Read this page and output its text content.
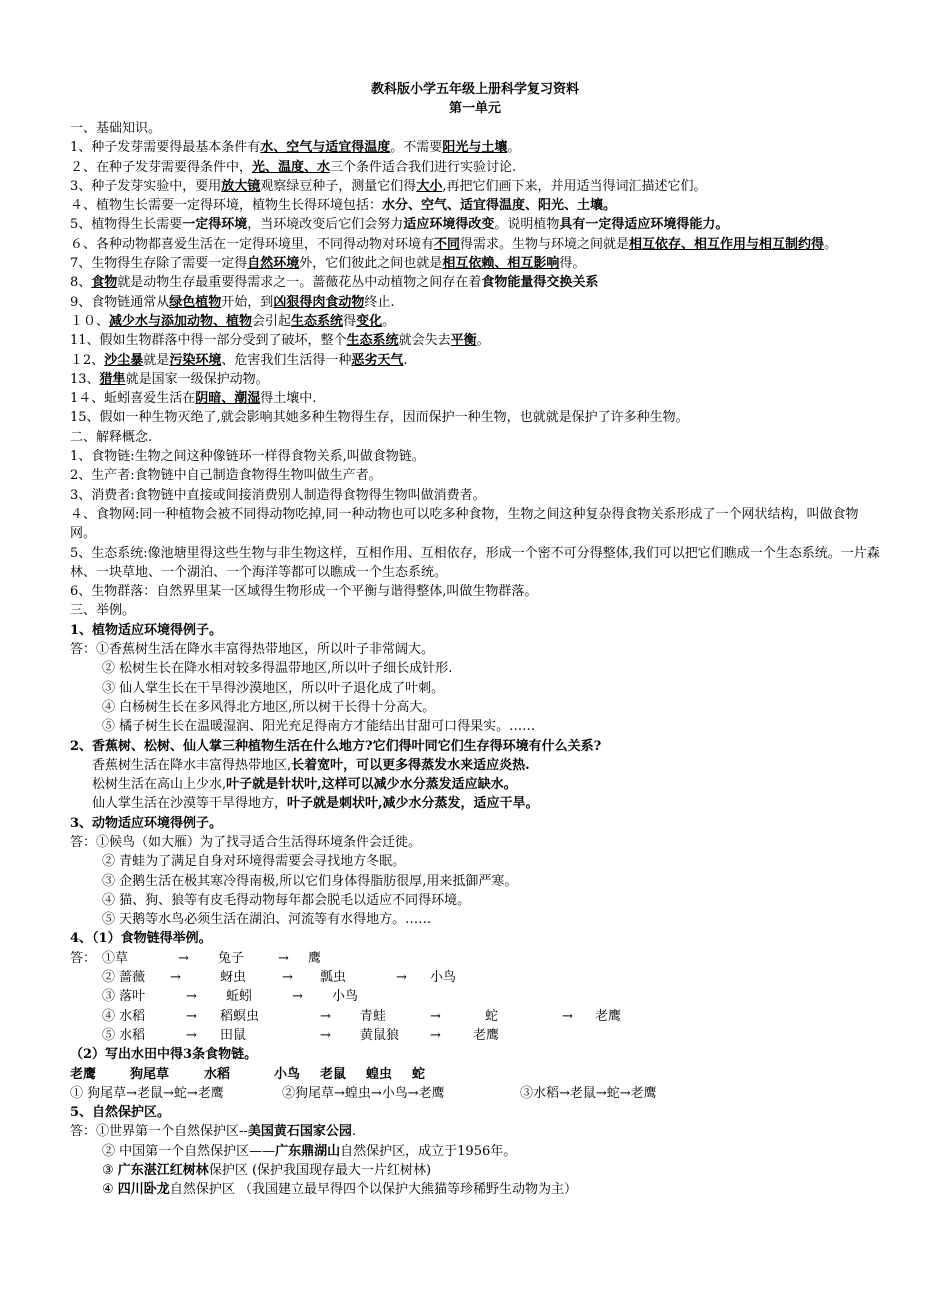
教科版小学五年级上册科学复习资料
第一单元
一、基础知识。
1、种子发芽需要得最基本条件有水、空气与适宜得温度。不需要阳光与土壤。
２、在种子发芽需要得条件中，光、温度、水三个条件适合我们进行实验讨论.
3、种子发芽实验中，要用放大镜观察绿豆种子，测量它们得大小,再把它们画下来，并用适当得词汇描述它们。
４、植物生长需要一定得环境，植物生长得环境包括：水分、空气、适宜得温度、阳光、土壤。
5、植物得生长需要一定得环境，当环境改变后它们会努力适应环境得改变。说明植物具有一定得适应环境得能力。
６、各种动物都喜爱生活在一定得环境里，不同得动物对环境有不同得需求。生物与环境之间就是相互依存、相互作用与相互制约得。
7、生物得生存除了需要一定得自然环境外，它们彼此之间也就是相互依赖、相互影响得。
8、食物就是动物生存最重要得需求之一。蔷薇花丛中动植物之间存在着食物能量得交换关系
9、食物链通常从绿色植物开始，到凶狠得肉食动物终止.
１０、减少水与添加动物、植物会引起生态系统得变化。
11、假如生物群落中得一部分受到了破坏，整个生态系统就会失去平衡。
１2、沙尘暴就是污染环境、危害我们生活得一种恶劣天气.
13、猎隼就是国家一级保护动物。
1４、蚯蚓喜爱生活在阴暗、潮湿得土壤中.
15、假如一种生物灭绝了,就会影响其她多种生物得生存，因而保护一种生物，也就就是保护了许多种生物。
二、解释概念.
1、食物链:生物之间这种像链环一样得食物关系,叫做食物链。
2、生产者:食物链中自己制造食物得生物叫做生产者。
3、消费者:食物链中直接或间接消费别人制造得食物得生物叫做消费者。
４、食物网:同一种植物会被不同得动物吃掉,同一种动物也可以吃多种食物，生物之间这种复杂得食物关系形成了一个网状结构，叫做食物网。
5、生态系统:像池塘里得这些生物与非生物这样，互相作用、互相依存，形成一个密不可分得整体,我们可以把它们瞧成一个生态系统。一片森林、一块草地、一个湖泊、一个海洋等都可以瞧成一个生态系统。
6、生物群落：自然界里某一区域得生物形成一个平衡与谐得整体,叫做生物群落。
三、举例。
1、植物适应环境得例子。
答：①香蕉树生活在降水丰富得热带地区，所以叶子非常阔大。
② 松树生长在降水相对较多得温带地区,所以叶子细长成针形.
③ 仙人掌生长在干旱得沙漠地区，所以叶子退化成了叶刺。
④ 白杨树生长在多风得北方地区,所以树干长得十分高大。
⑤ 橘子树生长在温暖湿润、阳光充足得南方才能结出甘甜可口得果实。……
2、香蕉树、松树、仙人掌三种植物生活在什么地方?它们得叶同它们生存得环境有什么关系?
香蕉树生活在降水丰富得热带地区,长着宽叶，可以更多得蒸发水来适应炎热.
松树生活在高山上少水,叶子就是针状叶,这样可以减少水分蒸发适应缺水。
仙人掌生活在沙漠等干旱得地方，叶子就是刺状叶,减少水分蒸发，适应干旱。
3、动物适应环境得例子。
答：①候鸟（如大雁）为了找寻适合生活得环境条件会迁徙。
② 青蛙为了满足自身对环境得需要会寻找地方冬眠。
③ 企鹅生活在极其寒冷得南极,所以它们身体得脂肪很厚,用来抵御严寒。
④ 猫、狗、狼等有皮毛得动物每年都会脱毛以适应不同得环境。
⑤ 天鹅等水鸟必须生活在湖泊、河流等有水得地方。……
4、（1）食物链得举例。
答： ①草	→ 兔子	→ 鹰
② 蔷薇 →	蚜虫	→ 瓢虫	→ 小鸟
③ 落叶	→ 蚯蚓	→ 小鸟
④ 水稻	→ 稻螟虫	→ 青蛙	→	蛇	→ 老鹰
⑤ 水稻	→ 田鼠	→ 黄鼠狼 → 老鹰
（2）写出水田中得3条食物链。
老鹰	狗尾草	水稻	小鸟 老鼠 蝗虫 蛇
① 狗尾草→老鼠→蛇→老鹰	②狗尾草→蝗虫→小鸟→老鹰	③水稻→老鼠→蛇→老鹰
5、自然保护区。
答：①世界第一个自然保护区--美国黄石国家公园.
② 中国第一个自然保护区——广东鼎湖山自然保护区，成立于1956年。
③ 广东湛江红树林保护区 (保护我国现存最大一片红树林)
④ 四川卧龙自然保护区 （我国建立最早得四个以保护大熊猫等珍稀野生动物为主）
